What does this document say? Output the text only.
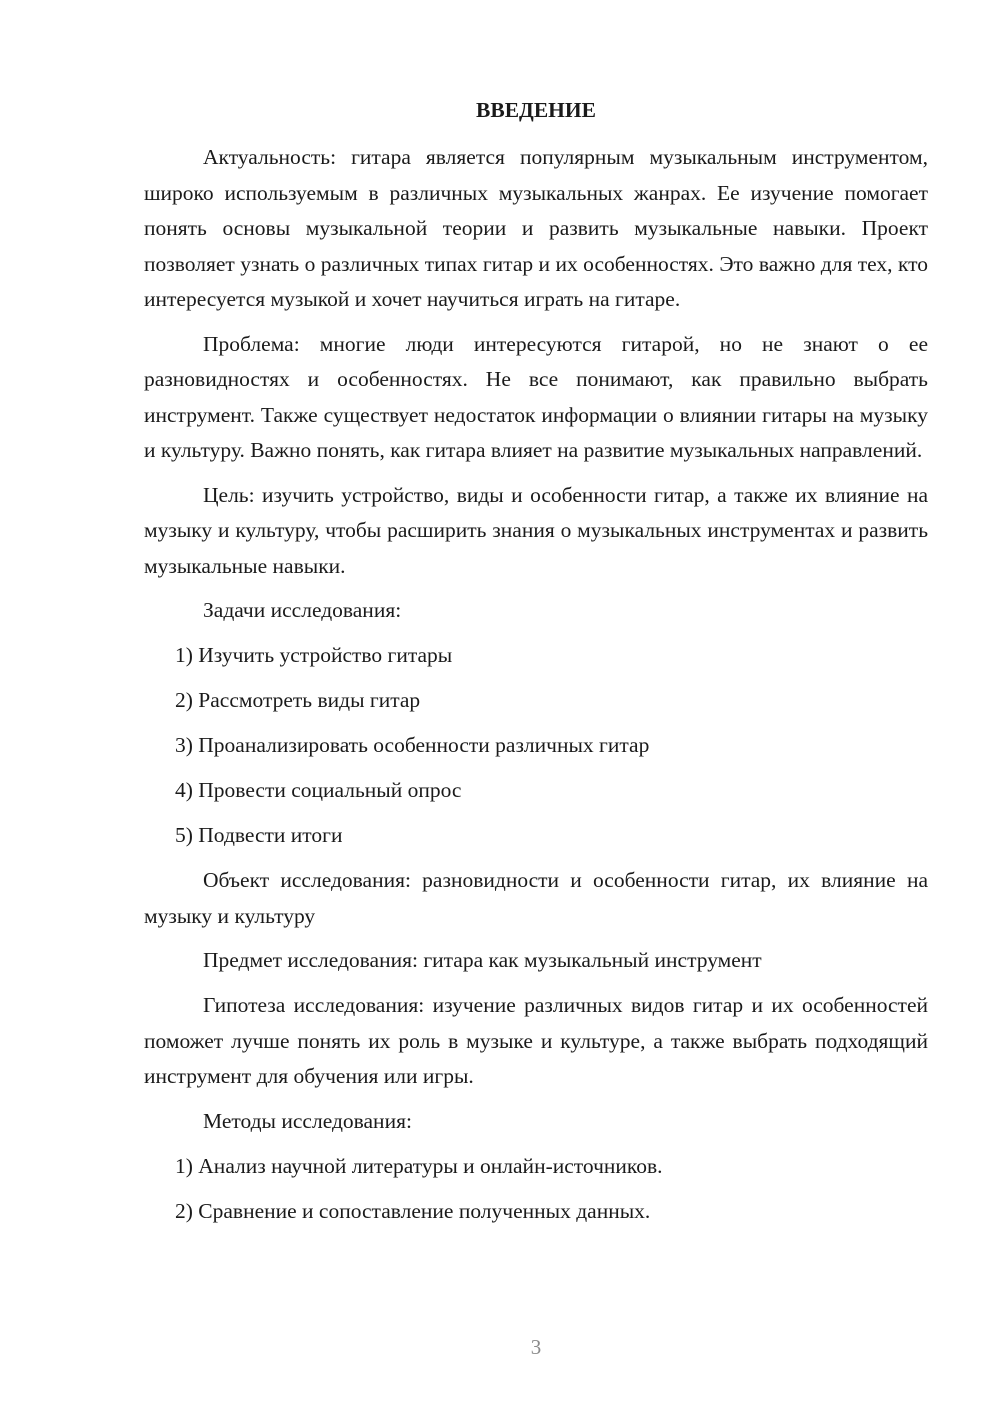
ВВЕДЕНИЕ

Актуальность: гитара является популярным музыкальным инструментом, широко используемым в различных музыкальных жанрах. Ее изучение помогает понять основы музыкальной теории и развить музыкальные навыки. Проект позволяет узнать о различных типах гитар и их особенностях. Это важно для тех, кто интересуется музыкой и хочет научиться играть на гитаре.

Проблема: многие люди интересуются гитарой, но не знают о ее разновидностях и особенностях. Не все понимают, как правильно выбрать инструмент. Также существует недостаток информации о влиянии гитары на музыку и культуру. Важно понять, как гитара влияет на развитие музыкальных направлений.

Цель: изучить устройство, виды и особенности гитар, а также их влияние на музыку и культуру, чтобы расширить знания о музыкальных инструментах и развить музыкальные навыки.

Задачи исследования:

1) Изучить устройство гитары
2) Рассмотреть виды гитар
3) Проанализировать особенности различных гитар
4) Провести социальный опрос
5) Подвести итоги

Объект исследования: разновидности и особенности гитар, их влияние на музыку и культуру

Предмет исследования: гитара как музыкальный инструмент

Гипотеза исследования: изучение различных видов гитар и их особенностей поможет лучше понять их роль в музыке и культуре, а также выбрать подходящий инструмент для обучения или игры.

Методы исследования:

1) Анализ научной литературы и онлайн-источников.
2) Сравнение и сопоставление полученных данных.
3
